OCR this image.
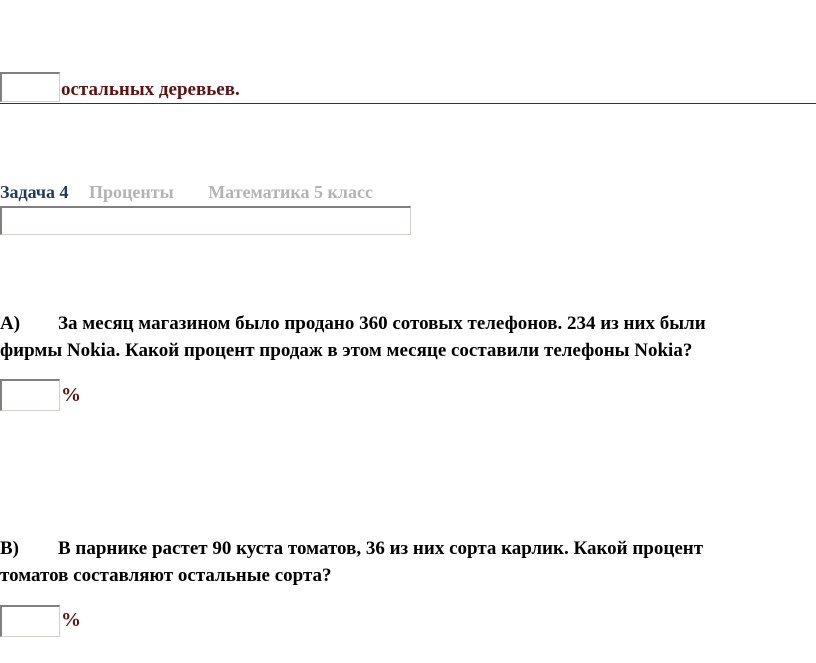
остальных деревьев.
Задача 4 Проценты Математика 5 класс
А) За месяц магазином было продано 360 сотовых телефонов. 234 из них были
фирмы Nokia. Какой процент продаж в этом месяце составили телефоны Nokia?
%
В) В парнике растет 90 куста томатов, 36 из них сорта карлик. Какой процент
томатов составляют остальные сорта?
%
